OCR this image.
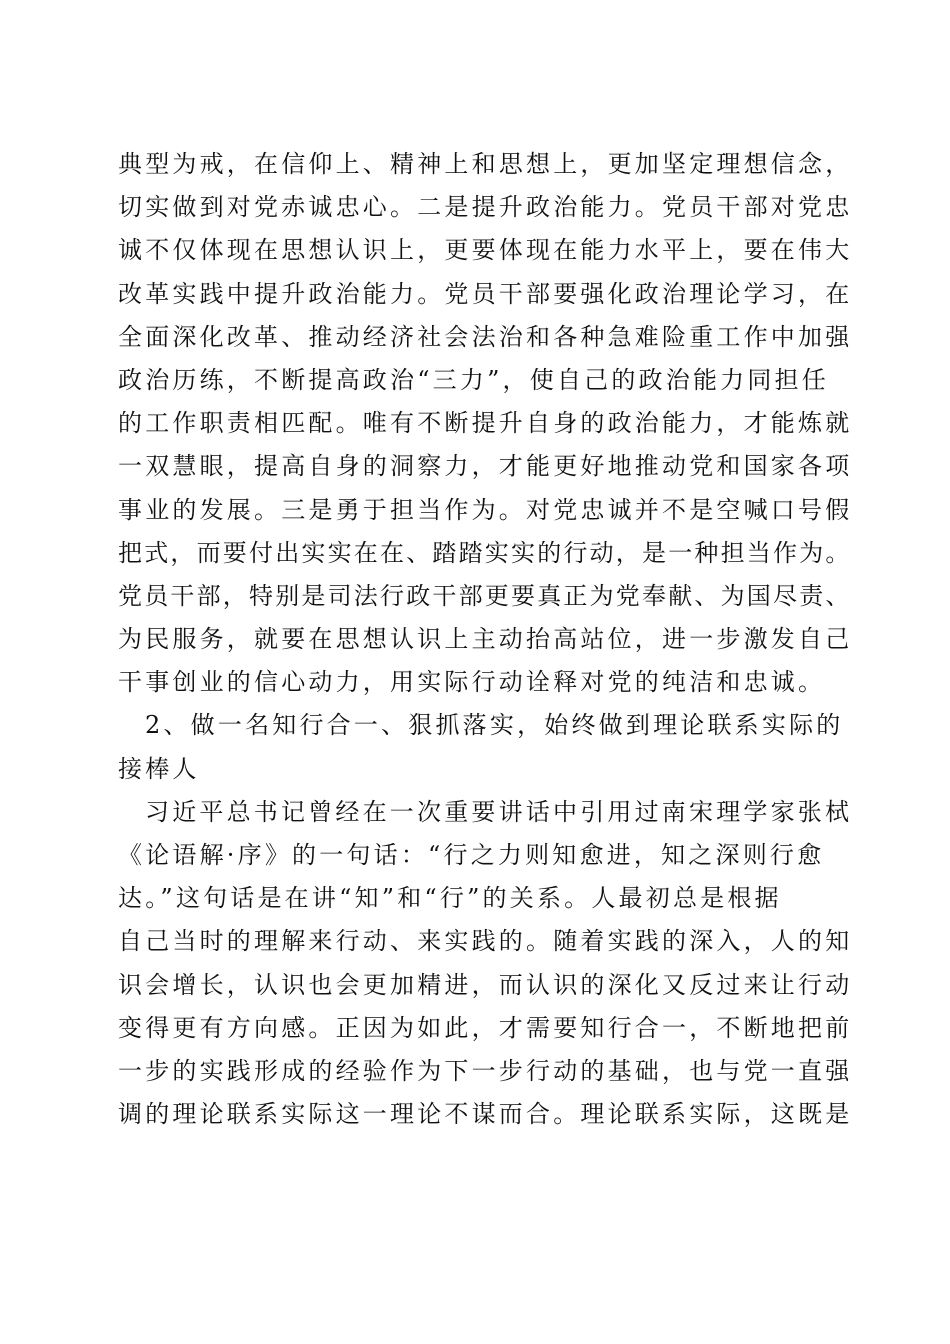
典型为戒，在信仰上、精神上和思想上，更加坚定理想信念，
切实做到对党赤诚忠心。二是提升政治能力。党员干部对党忠
诚不仅体现在思想认识上，更要体现在能力水平上，要在伟大
改革实践中提升政治能力。党员干部要强化政治理论学习，在
全面深化改革、推动经济社会法治和各种急难险重工作中加强
政治历练，不断提高政治“三力”，使自己的政治能力同担任
的工作职责相匹配。唯有不断提升自身的政治能力，才能炼就
一双慧眼，提高自身的洞察力，才能更好地推动党和国家各项
事业的发展。三是勇于担当作为。对党忠诚并不是空喊口号假
把式，而要付出实实在在、踏踏实实的行动，是一种担当作为。
党员干部，特别是司法行政干部更要真正为党奉献、为国尽责、
为民服务，就要在思想认识上主动抬高站位，进一步激发自己
干事创业的信心动力，用实际行动诠释对党的纯洁和忠诚。
2、做一名知行合一、狠抓落实，始终做到理论联系实际的
接棒人
习近平总书记曾经在一次重要讲话中引用过南宋理学家张栻
《论语解·序》的一句话：“行之力则知愈进，知之深则行愈
达。”这句话是在讲“知”和“行”的关系。人最初总是根据
自己当时的理解来行动、来实践的。随着实践的深入，人的知
识会增长，认识也会更加精进，而认识的深化又反过来让行动
变得更有方向感。正因为如此，才需要知行合一，不断地把前
一步的实践形成的经验作为下一步行动的基础，也与党一直强
调的理论联系实际这一理论不谋而合。理论联系实际，这既是
